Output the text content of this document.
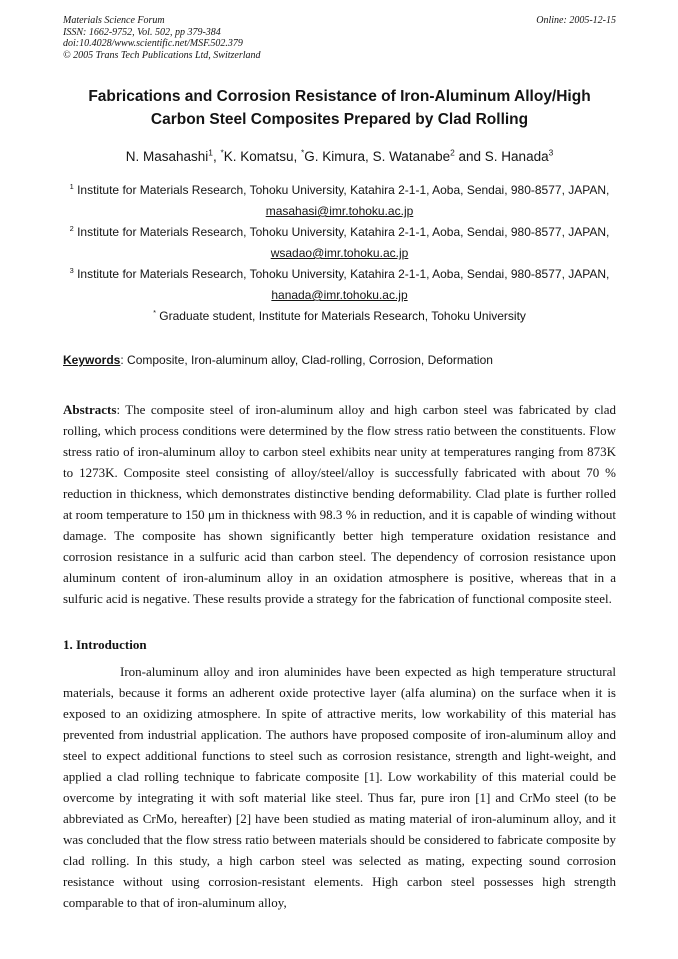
Materials Science Forum
ISSN: 1662-9752, Vol. 502, pp 379-384
doi:10.4028/www.scientific.net/MSF.502.379
© 2005 Trans Tech Publications Ltd, Switzerland
Online: 2005-12-15
Fabrications and Corrosion Resistance of Iron-Aluminum Alloy/High Carbon Steel Composites Prepared by Clad Rolling
N. Masahashi$^1$, *K. Komatsu, *G. Kimura, S. Watanabe$^2$ and S. Hanada$^3$
$^1$ Institute for Materials Research, Tohoku University, Katahira 2-1-1, Aoba, Sendai, 980-8577, JAPAN, masahasi@imr.tohoku.ac.jp
$^2$ Institute for Materials Research, Tohoku University, Katahira 2-1-1, Aoba, Sendai, 980-8577, JAPAN, wsadao@imr.tohoku.ac.jp
$^3$ Institute for Materials Research, Tohoku University, Katahira 2-1-1, Aoba, Sendai, 980-8577, JAPAN, hanada@imr.tohoku.ac.jp
* Graduate student, Institute for Materials Research, Tohoku University
Keywords: Composite, Iron-aluminum alloy, Clad-rolling, Corrosion, Deformation

Abstracts: The composite steel of iron-aluminum alloy and high carbon steel was fabricated by clad rolling, which process conditions were determined by the flow stress ratio between the constituents. Flow stress ratio of iron-aluminum alloy to carbon steel exhibits near unity at temperatures ranging from 873K to 1273K. Composite steel consisting of alloy/steel/alloy is successfully fabricated with about 70 % reduction in thickness, which demonstrates distinctive bending deformability. Clad plate is further rolled at room temperature to 150 μm in thickness with 98.3 % in reduction, and it is capable of winding without damage. The composite has shown significantly better high temperature oxidation resistance and corrosion resistance in a sulfuric acid than carbon steel. The dependency of corrosion resistance upon aluminum content of iron-aluminum alloy in an oxidation atmosphere is positive, whereas that in a sulfuric acid is negative. These results provide a strategy for the fabrication of functional composite steel.

1. Introduction

Iron-aluminum alloy and iron aluminides have been expected as high temperature structural materials, because it forms an adherent oxide protective layer (alfa alumina) on the surface when it is exposed to an oxidizing atmosphere. In spite of attractive merits, low workability of this material has prevented from industrial application. The authors have proposed composite of iron-aluminum alloy and steel to expect additional functions to steel such as corrosion resistance, strength and light-weight, and applied a clad rolling technique to fabricate composite [1]. Low workability of this material could be overcome by integrating it with soft material like steel. Thus far, pure iron [1] and CrMo steel (to be abbreviated as CrMo, hereafter) [2] have been studied as mating material of iron-aluminum alloy, and it was concluded that the flow stress ratio between materials should be considered to fabricate composite by clad rolling. In this study, a high carbon steel was selected as mating, expecting sound corrosion resistance without using corrosion-resistant elements. High carbon steel possesses high strength comparable to that of iron-aluminum alloy,
